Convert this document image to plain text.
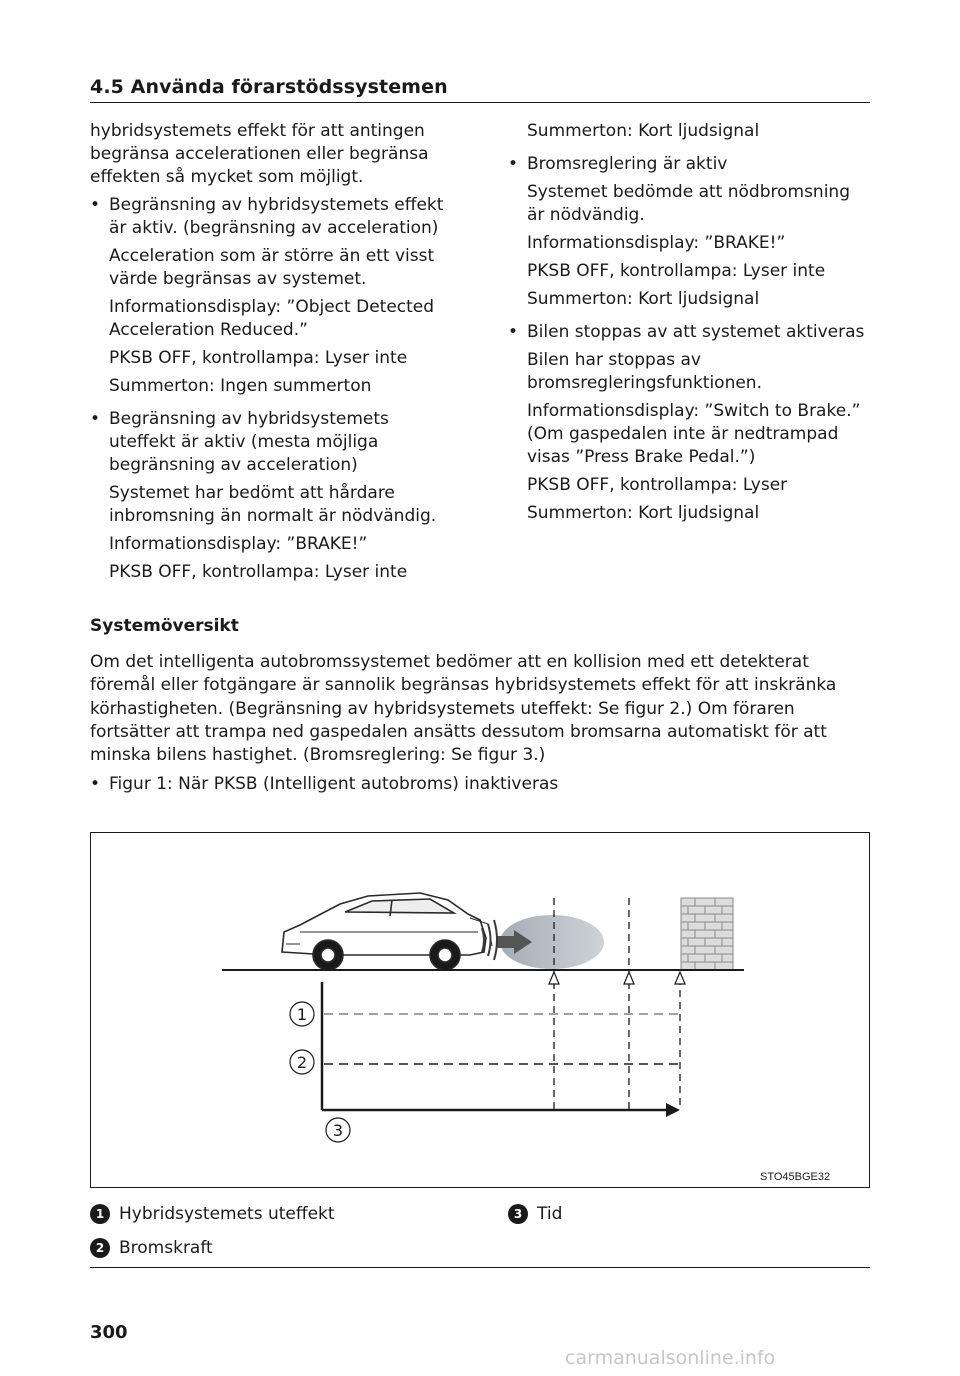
4.5 Använda förarstödssystemen

hybridsystemets effekt för att antingen begränsa accelerationen eller begränsa effekten så mycket som möjligt.

• Begränsning av hybridsystemets effekt är aktiv. (begränsning av acceleration)

Acceleration som är större än ett visst värde begränsas av systemet.

Informationsdisplay: ”Object Detected Acceleration Reduced.”

PKSB OFF, kontrollampa: Lyser inte

Summerton: Ingen summerton

• Begränsning av hybridsystemets uteffekt är aktiv (mesta möjliga begränsning av acceleration)

Systemet har bedömt att hårdare inbromsning än normalt är nödvändig.

Informationsdisplay: ”BRAKE!”

PKSB OFF, kontrollampa: Lyser inte

Summerton: Kort ljudsignal

• Bromsreglering är aktiv

Systemet bedömde att nödbromsning är nödvändig.

Informationsdisplay: ”BRAKE!”

PKSB OFF, kontrollampa: Lyser inte

Summerton: Kort ljudsignal

• Bilen stoppas av att systemet aktiveras

Bilen har stoppas av bromsregleringsfunktionen.

Informationsdisplay: ”Switch to Brake.” (Om gaspedalen inte är nedtrampad visas ”Press Brake Pedal.”)

PKSB OFF, kontrollampa: Lyser

Summerton: Kort ljudsignal

Systemöversikt

Om det intelligenta autobromssystemet bedömer att en kollision med ett detekterat föremål eller fotgängare är sannolik begränsas hybridsystemets effekt för att inskränka körhastigheten. (Begränsning av hybridsystemets uteffekt: Se figur 2.) Om föraren fortsätter att trampa ned gaspedalen ansätts dessutom bromsarna automatiskt för att minska bilens hastighet. (Bromsreglering: Se figur 3.)

• Figur 1: När PKSB (Intelligent autobroms) inaktiveras
1
2
3
STO45BGE32
1 Hybridsystemets uteffekt
2 Bromskraft
3 Tid
300
carmanualsonline.info
